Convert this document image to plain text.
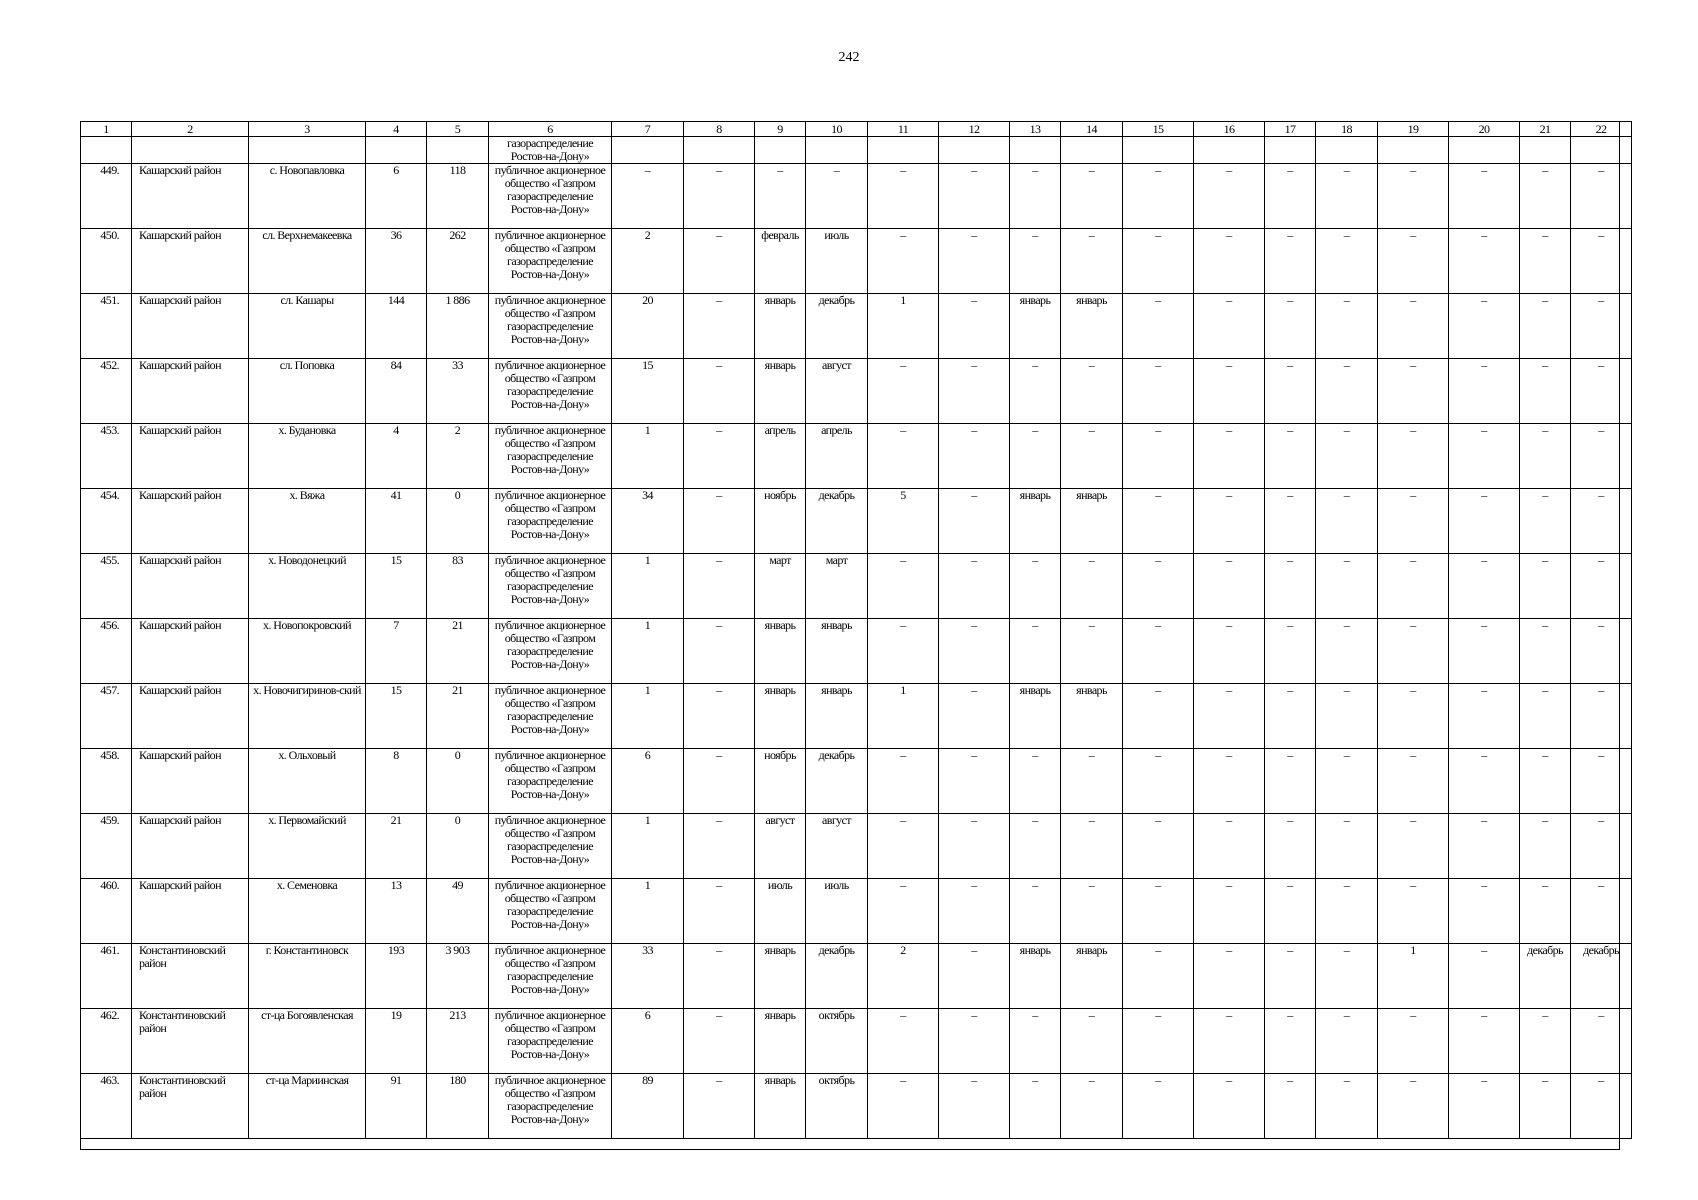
242
1	2	3	4	5	6	7	8	9	10	11	12	13	14	15	16	17	18	19	20	21	22
					газораспределение Ростов-на-Дону»																
449.	Кашарский район	с. Новопавловка	6	118	публичное акционерное общество «Газпром газораспределение Ростов-на-Дону»	–	–	–	–	–	–	–	–	–	–	–	–	–	–	–	–
450.	Кашарский район	сл. Верхнемакеевка	36	262	публичное акционерное общество «Газпром газораспределение Ростов-на-Дону»	2	–	февраль	июль	–	–	–	–	–	–	–	–	–	–	–	–
451.	Кашарский район	сл. Кашары	144	1 886	публичное акционерное общество «Газпром газораспределение Ростов-на-Дону»	20	–	январь	декабрь	1	–	январь	январь	–	–	–	–	–	–	–	–
452.	Кашарский район	сл. Поповка	84	33	публичное акционерное общество «Газпром газораспределение Ростов-на-Дону»	15	–	январь	август	–	–	–	–	–	–	–	–	–	–	–	–
453.	Кашарский район	х. Будановка	4	2	публичное акционерное общество «Газпром газораспределение Ростов-на-Дону»	1	–	апрель	апрель	–	–	–	–	–	–	–	–	–	–	–	–
454.	Кашарский район	х. Вяжа	41	0	публичное акционерное общество «Газпром газораспределение Ростов-на-Дону»	34	–	ноябрь	декабрь	5	–	январь	январь	–	–	–	–	–	–	–	–
455.	Кашарский район	х. Новодонецкий	15	83	публичное акционерное общество «Газпром газораспределение Ростов-на-Дону»	1	–	март	март	–	–	–	–	–	–	–	–	–	–	–	–
456.	Кашарский район	х. Новопокровский	7	21	публичное акционерное общество «Газпром газораспределение Ростов-на-Дону»	1	–	январь	январь	–	–	–	–	–	–	–	–	–	–	–	–
457.	Кашарский район	х. Новочигиринов-ский	15	21	публичное акционерное общество «Газпром газораспределение Ростов-на-Дону»	1	–	январь	январь	1	–	январь	январь	–	–	–	–	–	–	–	–
458.	Кашарский район	х. Ольховый	8	0	публичное акционерное общество «Газпром газораспределение Ростов-на-Дону»	6	–	ноябрь	декабрь	–	–	–	–	–	–	–	–	–	–	–	–
459.	Кашарский район	х. Первомайский	21	0	публичное акционерное общество «Газпром газораспределение Ростов-на-Дону»	1	–	август	август	–	–	–	–	–	–	–	–	–	–	–	–
460.	Кашарский район	х. Семеновка	13	49	публичное акционерное общество «Газпром газораспределение Ростов-на-Дону»	1	–	июль	июль	–	–	–	–	–	–	–	–	–	–	–	–
461.	Константиновский район	г. Константиновск	193	3 903	публичное акционерное общество «Газпром газораспределение Ростов-на-Дону»	33	–	январь	декабрь	2	–	январь	январь	–	–	–	–	1	–	декабрь	декабрь
462.	Константиновский район	ст-ца Богоявленская	19	213	публичное акционерное общество «Газпром газораспределение Ростов-на-Дону»	6	–	январь	октябрь	–	–	–	–	–	–	–	–	–	–	–	–
463.	Константиновский район	ст-ца Мариинская	91	180	публичное акционерное общество «Газпром газораспределение Ростов-на-Дону»	89	–	январь	октябрь	–	–	–	–	–	–	–	–	–	–	–	–
